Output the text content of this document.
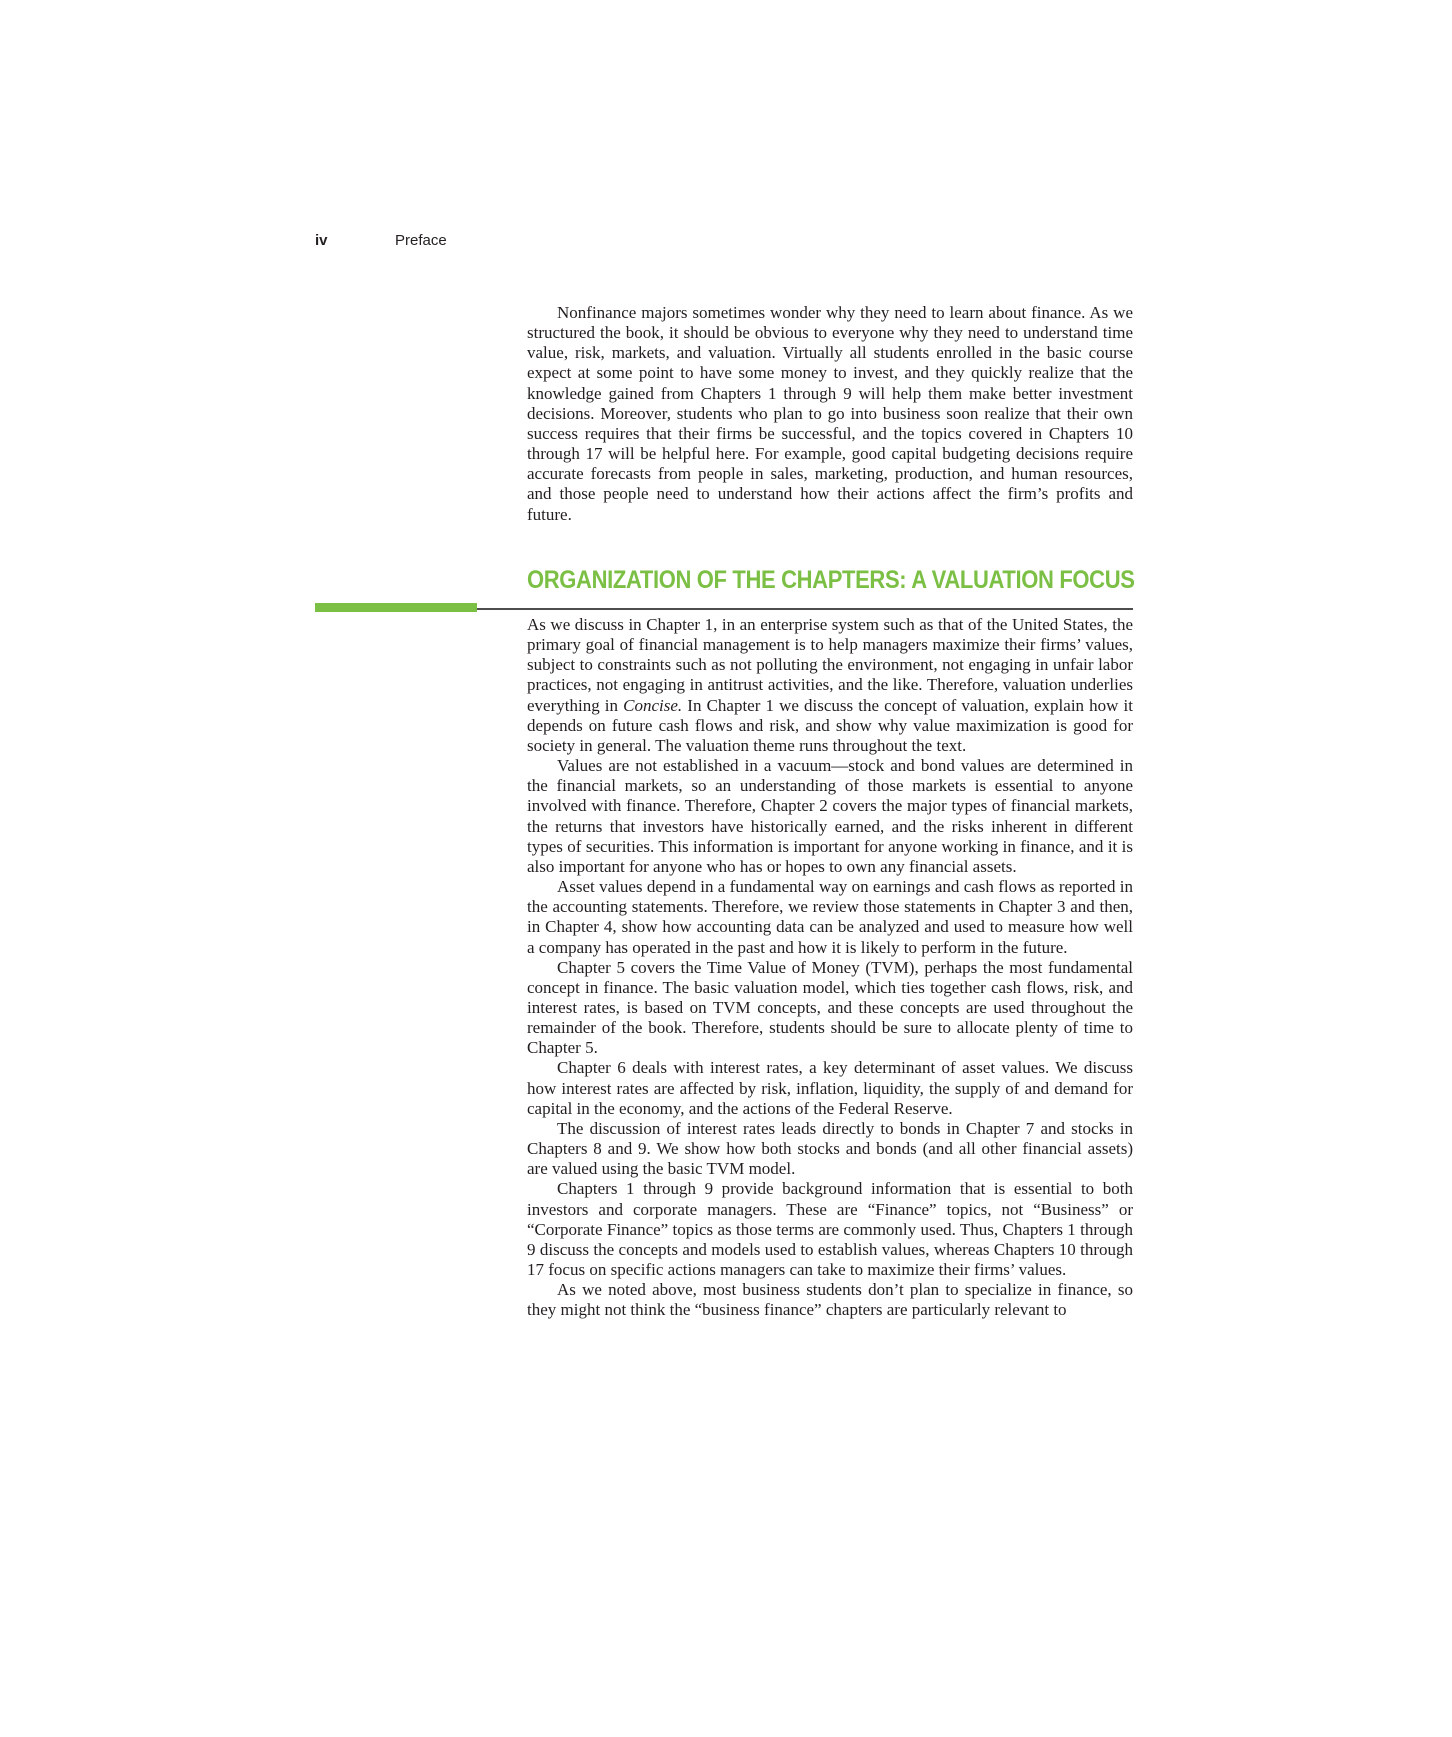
iv	Preface

Nonfinance majors sometimes wonder why they need to learn about finance. As we structured the book, it should be obvious to everyone why they need to understand time value, risk, markets, and valuation. Virtually all students enrolled in the basic course expect at some point to have some money to invest, and they quickly realize that the knowledge gained from Chapters 1 through 9 will help them make better investment decisions. Moreover, students who plan to go into business soon realize that their own success requires that their firms be successful, and the topics covered in Chapters 10 through 17 will be helpful here. For example, good capital budgeting decisions require accurate forecasts from people in sales, marketing, production, and human resources, and those people need to understand how their actions affect the firm’s profits and future.

ORGANIZATION OF THE CHAPTERS: A VALUATION FOCUS

As we discuss in Chapter 1, in an enterprise system such as that of the United States, the primary goal of financial management is to help managers maximize their firms’ values, subject to constraints such as not polluting the environment, not engaging in unfair labor practices, not engaging in antitrust activities, and the like. Therefore, valuation underlies everything in Concise. In Chapter 1 we discuss the concept of valuation, explain how it depends on future cash flows and risk, and show why value maximization is good for society in general. The valuation theme runs throughout the text.

Values are not established in a vacuum—stock and bond values are determined in the financial markets, so an understanding of those markets is essential to anyone involved with finance. Therefore, Chapter 2 covers the major types of financial markets, the returns that investors have historically earned, and the risks inherent in different types of securities. This information is important for anyone working in finance, and it is also important for anyone who has or hopes to own any financial assets.

Asset values depend in a fundamental way on earnings and cash flows as reported in the accounting statements. Therefore, we review those statements in Chapter 3 and then, in Chapter 4, show how accounting data can be analyzed and used to measure how well a company has operated in the past and how it is likely to perform in the future.

Chapter 5 covers the Time Value of Money (TVM), perhaps the most fundamental concept in finance. The basic valuation model, which ties together cash flows, risk, and interest rates, is based on TVM concepts, and these concepts are used throughout the remainder of the book. Therefore, students should be sure to allocate plenty of time to Chapter 5.

Chapter 6 deals with interest rates, a key determinant of asset values. We discuss how interest rates are affected by risk, inflation, liquidity, the supply of and demand for capital in the economy, and the actions of the Federal Reserve.

The discussion of interest rates leads directly to bonds in Chapter 7 and stocks in Chapters 8 and 9. We show how both stocks and bonds (and all other financial assets) are valued using the basic TVM model.

Chapters 1 through 9 provide background information that is essential to both investors and corporate managers. These are “Finance” topics, not “Business” or “Corporate Finance” topics as those terms are commonly used. Thus, Chapters 1 through 9 discuss the concepts and models used to establish values, whereas Chapters 10 through 17 focus on specific actions managers can take to maximize their firms’ values.

As we noted above, most business students don’t plan to specialize in finance, so they might not think the “business finance” chapters are particularly relevant to
